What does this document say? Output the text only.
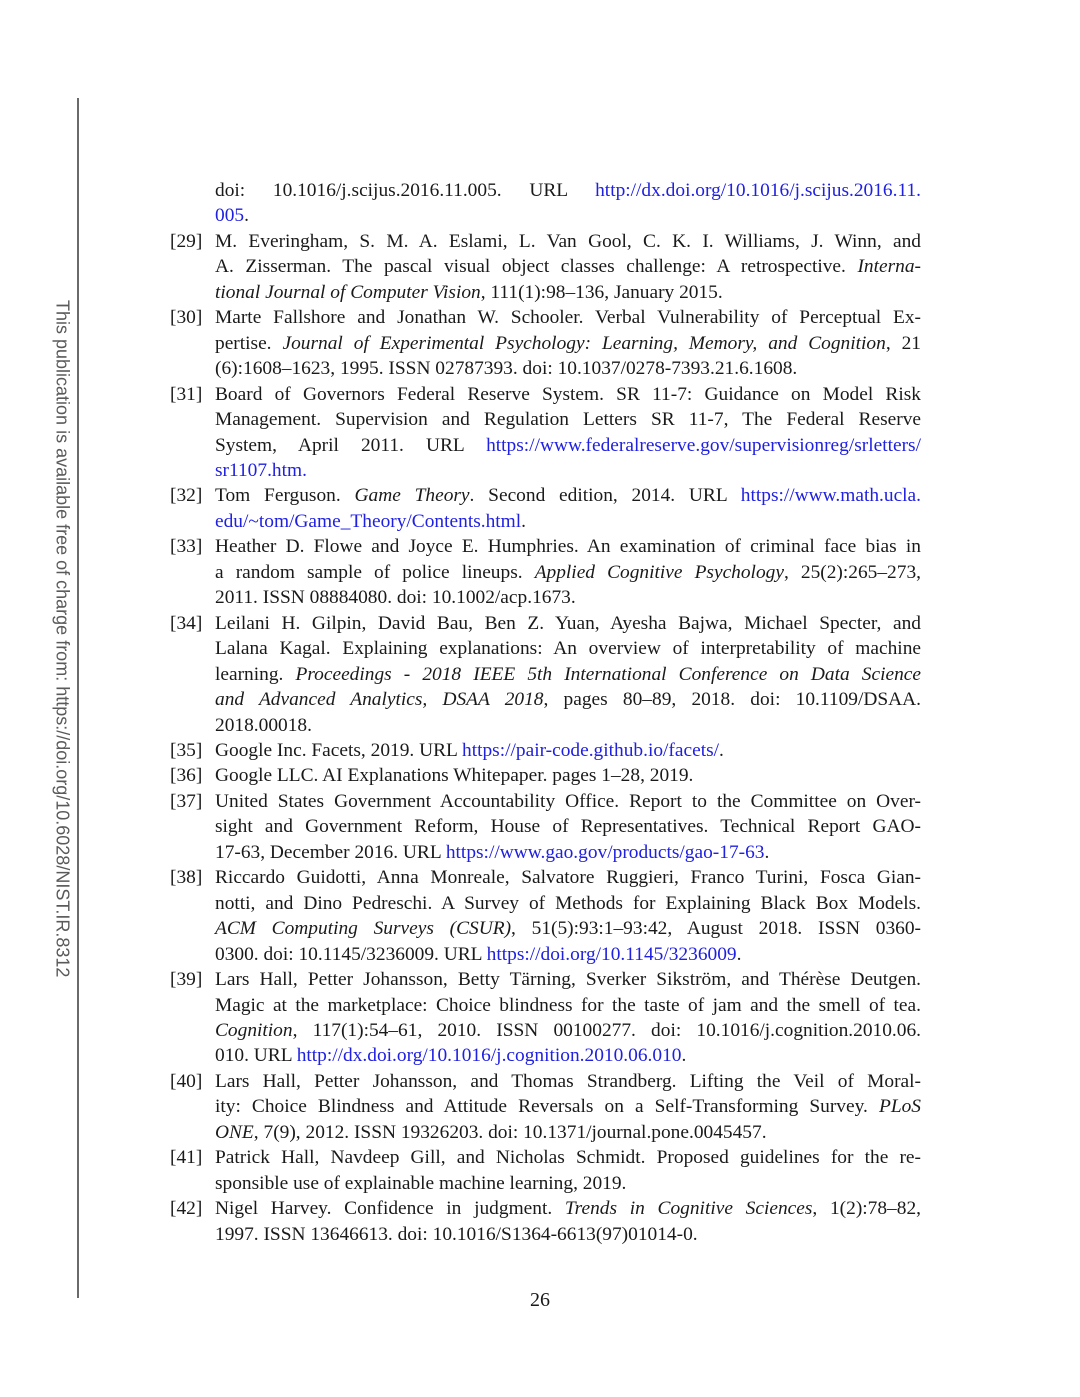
This publication is available free of charge from: https://doi.org/10.6028/NIST.IR.8312
doi: 10.1016/j.scijus.2016.11.005. URL http://dx.doi.org/10.1016/j.scijus.2016.11.
005.
[29] M. Everingham, S. M. A. Eslami, L. Van Gool, C. K. I. Williams, J. Winn, and
A. Zisserman. The pascal visual object classes challenge: A retrospective. Interna-
tional Journal of Computer Vision, 111(1):98–136, January 2015.
[30] Marte Fallshore and Jonathan W. Schooler. Verbal Vulnerability of Perceptual Ex-
pertise. Journal of Experimental Psychology: Learning, Memory, and Cognition, 21
(6):1608–1623, 1995. ISSN 02787393. doi: 10.1037/0278-7393.21.6.1608.
[31] Board of Governors Federal Reserve System. SR 11-7: Guidance on Model Risk
Management. Supervision and Regulation Letters SR 11-7, The Federal Reserve
System, April 2011. URL https://www.federalreserve.gov/supervisionreg/srletters/
sr1107.htm.
[32] Tom Ferguson. Game Theory. Second edition, 2014. URL https://www.math.ucla.
edu/~tom/Game_Theory/Contents.html.
[33] Heather D. Flowe and Joyce E. Humphries. An examination of criminal face bias in
a random sample of police lineups. Applied Cognitive Psychology, 25(2):265–273,
2011. ISSN 08884080. doi: 10.1002/acp.1673.
[34] Leilani H. Gilpin, David Bau, Ben Z. Yuan, Ayesha Bajwa, Michael Specter, and
Lalana Kagal. Explaining explanations: An overview of interpretability of machine
learning. Proceedings - 2018 IEEE 5th International Conference on Data Science
and Advanced Analytics, DSAA 2018, pages 80–89, 2018. doi: 10.1109/DSAA.
2018.00018.
[35] Google Inc. Facets, 2019. URL https://pair-code.github.io/facets/.
[36] Google LLC. AI Explanations Whitepaper. pages 1–28, 2019.
[37] United States Government Accountability Office. Report to the Committee on Over-
sight and Government Reform, House of Representatives. Technical Report GAO-
17-63, December 2016. URL https://www.gao.gov/products/gao-17-63.
[38] Riccardo Guidotti, Anna Monreale, Salvatore Ruggieri, Franco Turini, Fosca Gian-
notti, and Dino Pedreschi. A Survey of Methods for Explaining Black Box Models.
ACM Computing Surveys (CSUR), 51(5):93:1–93:42, August 2018. ISSN 0360-
0300. doi: 10.1145/3236009. URL https://doi.org/10.1145/3236009.
[39] Lars Hall, Petter Johansson, Betty Tärning, Sverker Sikström, and Thérèse Deutgen.
Magic at the marketplace: Choice blindness for the taste of jam and the smell of tea.
Cognition, 117(1):54–61, 2010. ISSN 00100277. doi: 10.1016/j.cognition.2010.06.
010. URL http://dx.doi.org/10.1016/j.cognition.2010.06.010.
[40] Lars Hall, Petter Johansson, and Thomas Strandberg. Lifting the Veil of Moral-
ity: Choice Blindness and Attitude Reversals on a Self-Transforming Survey. PLoS
ONE, 7(9), 2012. ISSN 19326203. doi: 10.1371/journal.pone.0045457.
[41] Patrick Hall, Navdeep Gill, and Nicholas Schmidt. Proposed guidelines for the re-
sponsible use of explainable machine learning, 2019.
[42] Nigel Harvey. Confidence in judgment. Trends in Cognitive Sciences, 1(2):78–82,
1997. ISSN 13646613. doi: 10.1016/S1364-6613(97)01014-0.
26
